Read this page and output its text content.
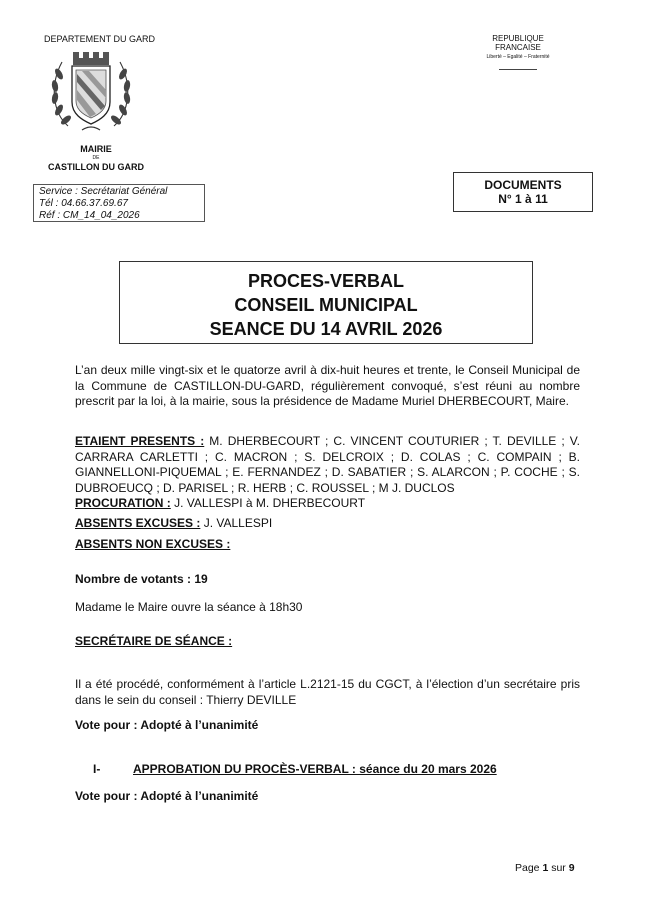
DEPARTEMENT DU GARD	REPUBLIQUE FRANCAISE
Liberté – Egalité – Fraternité
MAIRIE
DE
CASTILLON DU GARD
Service : Secrétariat Général
Tél : 04.66.37.69.67
Réf : CM_14_04_2026
DOCUMENTS
N° 1 à 11
PROCES-VERBAL
CONSEIL MUNICIPAL
SEANCE DU 14 AVRIL 2026
L’an deux mille vingt-six et le quatorze avril à dix-huit heures et trente, le Conseil Municipal de la Commune de CASTILLON-DU-GARD, régulièrement convoqué, s’est réuni au nombre prescrit par la loi, à la mairie, sous la présidence de Madame Muriel DHERBECOURT, Maire.
ETAIENT PRESENTS : M. DHERBECOURT ; C. VINCENT COUTURIER ; T. DEVILLE ; V. CARRARA CARLETTI ; C. MACRON ; S. DELCROIX ; D. COLAS ; C. COMPAIN ; B. GIANNELLONI-PIQUEMAL ; E. FERNANDEZ ; D. SABATIER ; S. ALARCON ; P. COCHE ; S. DUBROEUCQ ; D. PARISEL ; R. HERB ; C. ROUSSEL ; M J. DUCLOS
PROCURATION : J. VALLESPI à M. DHERBECOURT
ABSENTS EXCUSES : J. VALLESPI
ABSENTS NON EXCUSES :
Nombre de votants : 19
Madame le Maire ouvre la séance à 18h30
SECRÉTAIRE DE SÉANCE :
Il a été procédé, conformément à l’article L.2121-15 du CGCT, à l’élection d’un secrétaire pris dans le sein du conseil : Thierry DEVILLE
Vote pour : Adopté à l’unanimité
I-	APPROBATION DU PROCÈS-VERBAL : séance du 20 mars 2026
Vote pour : Adopté à l’unanimité
Page 1 sur 9
